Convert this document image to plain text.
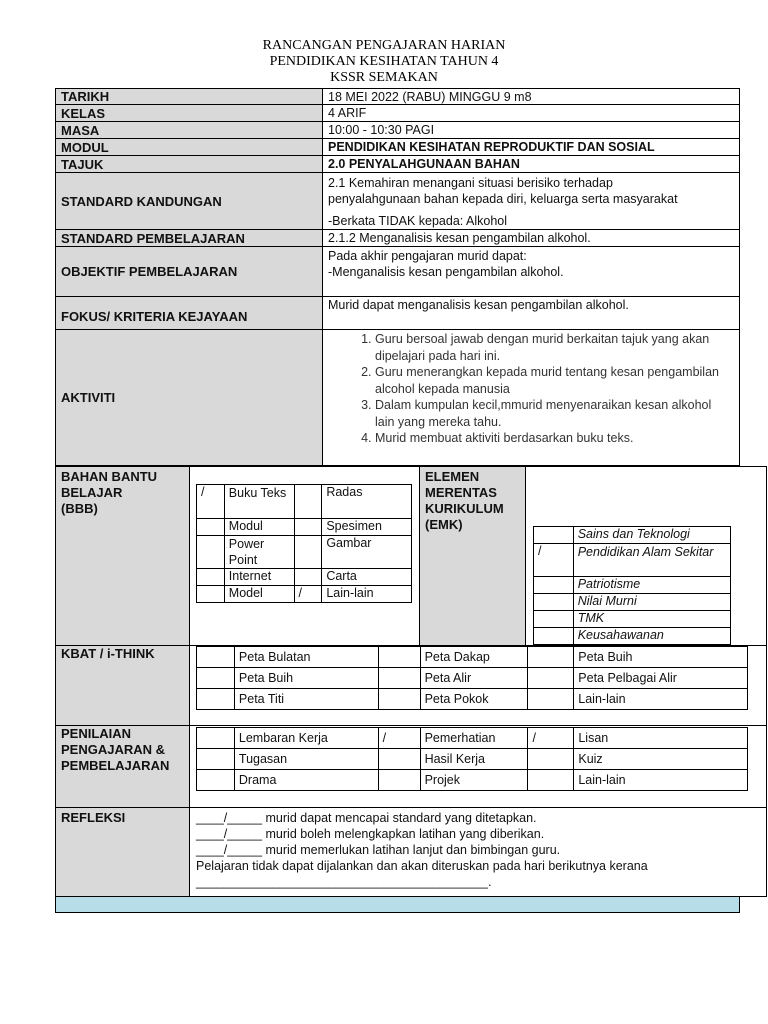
RANCANGAN PENGAJARAN HARIAN
PENDIDIKAN KESIHATAN TAHUN 4
KSSR SEMAKAN
TARIKH	18 MEI 2022 (RABU) MINGGU 9 m8
KELAS	4 ARIF
MASA	10:00 - 10:30 PAGI
MODUL	PENDIDIKAN KESIHATAN REPRODUKTIF DAN SOSIAL
TAJUK	2.0 PENYALAHGUNAAN BAHAN
STANDARD KANDUNGAN
2.1 Kemahiran menangani situasi berisiko terhadap
penyalahgunaan bahan kepada diri, keluarga serta masyarakat
-Berkata TIDAK kepada: Alkohol
STANDARD PEMBELAJARAN	2.1.2 Menganalisis kesan pengambilan alkohol.
OBJEKTIF PEMBELAJARAN
Pada akhir pengajaran murid dapat:
-Menganalisis kesan pengambilan alkohol.
FOKUS/ KRITERIA KEJAYAAN
Murid dapat menganalisis kesan pengambilan alkohol.
AKTIVITI
1. Guru bersoal jawab dengan murid berkaitan tajuk yang akan dipelajari pada hari ini.
2. Guru menerangkan kepada murid tentang kesan pengambilan alcohol kepada manusia
3. Dalam kumpulan kecil,mmurid menyenaraikan kesan alkohol lain yang mereka tahu.
4. Murid membuat aktiviti berdasarkan buku teks.
BAHAN BANTU
BELAJAR
(BBB)
/	Buku Teks		Radas
	Modul		Spesimen
	Power Point		Gambar
	Internet		Carta
	Model	/	Lain-lain
ELEMEN
MERENTAS
KURIKULUM
(EMK)
	Sains dan Teknologi
/	Pendidikan Alam Sekitar
	Patriotisme
	Nilai Murni
	TMK
	Keusahawanan
KBAT / i-THINK
		Peta Bulatan		Peta Dakap		Peta Buih
	Peta Buih		Peta Alir		Peta Pelbagai Alir
	Peta Titi		Peta Pokok		Lain-lain
PENILAIAN
PENGAJARAN &
PEMBELAJARAN
	Lembaran Kerja	/	Pemerhatian	/	Lisan
	Tugasan		Hasil Kerja		Kuiz
	Drama		Projek		Lain-lain
REFLEKSI	____/_____ murid dapat mencapai standard yang ditetapkan.
____/_____ murid boleh melengkapkan latihan yang diberikan.
____/_____ murid memerlukan latihan lanjut dan bimbingan guru.
Pelajaran tidak dapat dijalankan dan akan diteruskan pada hari berikutnya kerana
__________________________________________.
